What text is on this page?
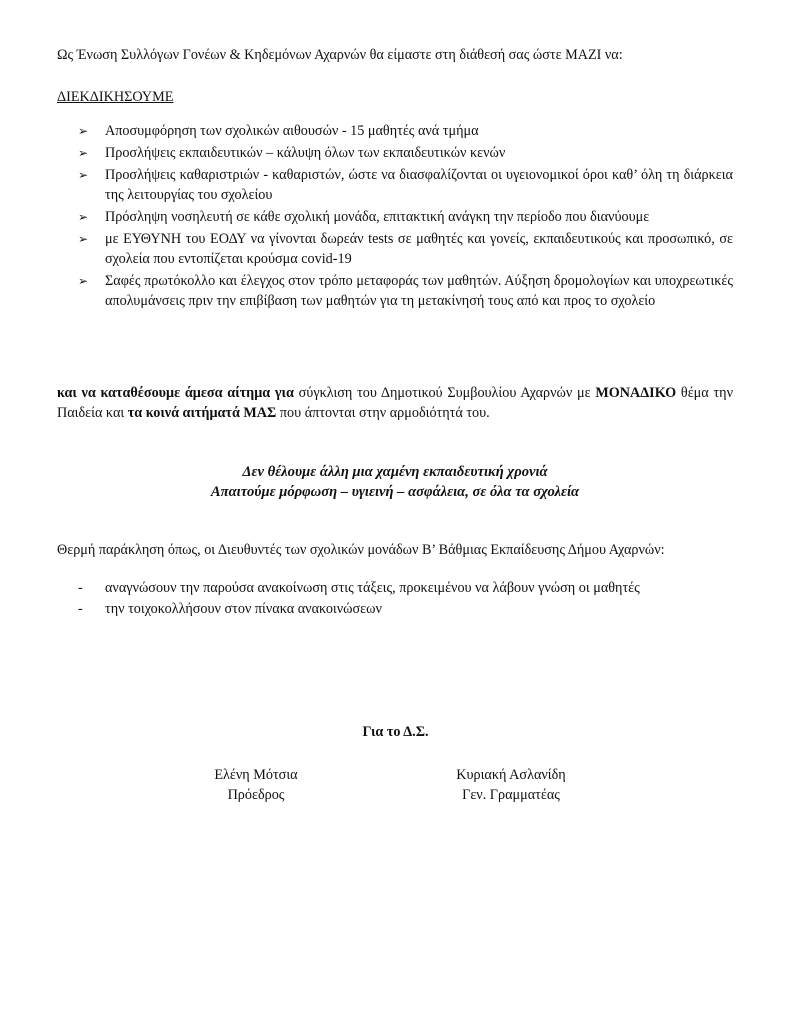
Ως Ένωση Συλλόγων Γονέων & Κηδεμόνων Αχαρνών θα είμαστε στη διάθεσή σας ώστε ΜΑΖΙ να:

ΔΙΕΚΔΙΚΗΣΟΥΜΕ

➢ Αποσυμφόρηση των σχολικών αιθουσών - 15 μαθητές ανά τμήμα
➢ Προσλήψεις εκπαιδευτικών – κάλυψη όλων των εκπαιδευτικών κενών
➢ Προσλήψεις καθαριστριών - καθαριστών, ώστε να διασφαλίζονται οι υγειονομικοί όροι καθ’ όλη τη διάρκεια της λειτουργίας του σχολείου
➢ Πρόσληψη νοσηλευτή σε κάθε σχολική μονάδα, επιτακτική ανάγκη την περίοδο που διανύουμε
➢ με ΕΥΘΥΝΗ του ΕΟΔΥ να γίνονται δωρεάν tests σε μαθητές και γονείς, εκπαιδευτικούς και προσωπικό, σε σχολεία που εντοπίζεται κρούσμα covid-19
➢ Σαφές πρωτόκολλο και έλεγχος στον τρόπο μεταφοράς των μαθητών. Αύξηση δρομολογίων και υποχρεωτικές απολυμάνσεις πριν την επιβίβαση των μαθητών για τη μετακίνησή τους από και προς το σχολείο

και να καταθέσουμε άμεσα αίτημα για σύγκλιση του Δημοτικού Συμβουλίου Αχαρνών με ΜΟΝΑΔΙΚΟ θέμα την Παιδεία και τα κοινά αιτήματά ΜΑΣ που άπτονται στην αρμοδιότητά του.

Δεν θέλουμε άλλη μια χαμένη εκπαιδευτική χρονιά
Απαιτούμε μόρφωση – υγιεινή – ασφάλεια, σε όλα τα σχολεία

Θερμή παράκληση όπως, οι Διευθυντές των σχολικών μονάδων Β’ Βάθμιας Εκπαίδευσης Δήμου Αχαρνών:

- αναγνώσουν την παρούσα ανακοίνωση στις τάξεις, προκειμένου να λάβουν γνώση οι μαθητές
- την τοιχοκολλήσουν στον πίνακα ανακοινώσεων

Για το Δ.Σ.

Ελένη Μότσια
Πρόεδρος
Κυριακή Ασλανίδη
Γεν. Γραμματέας
